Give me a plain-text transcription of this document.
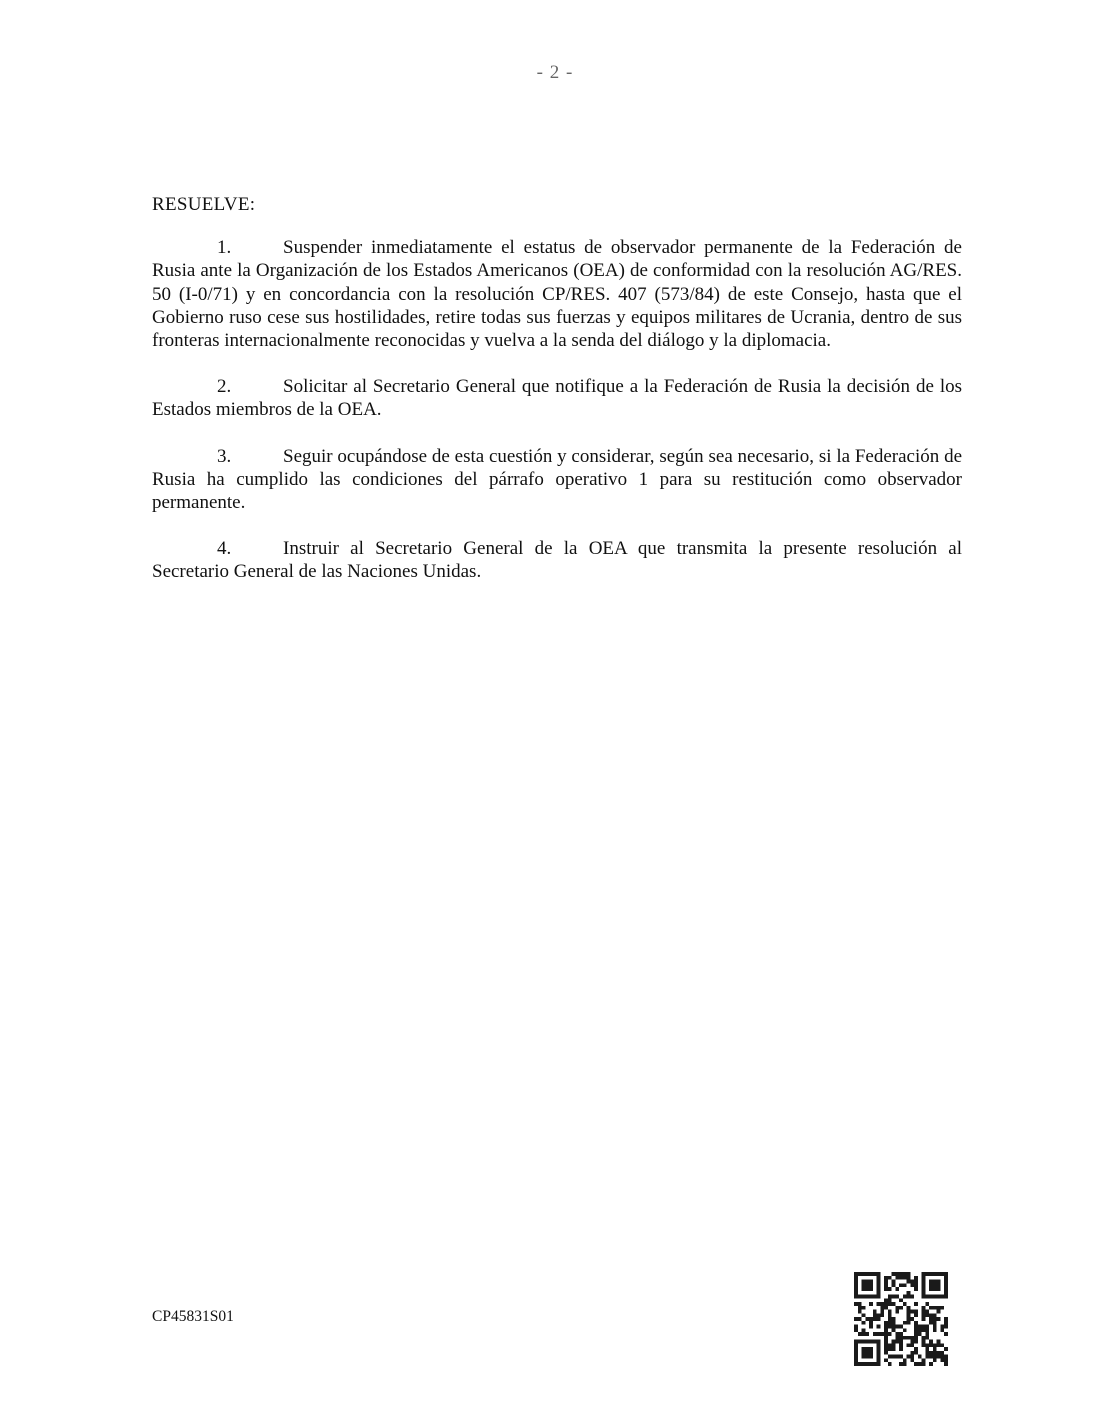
- 2 -
RESUELVE:

1.	Suspender inmediatamente el estatus de observador permanente de la Federación de Rusia ante la Organización de los Estados Americanos (OEA) de conformidad con la resolución AG/RES. 50 (I-0/71) y en concordancia con la resolución CP/RES. 407 (573/84) de este Consejo, hasta que el Gobierno ruso cese sus hostilidades, retire todas sus fuerzas y equipos militares de Ucrania, dentro de sus fronteras internacionalmente reconocidas y vuelva a la senda del diálogo y la diplomacia.

2.	Solicitar al Secretario General que notifique a la Federación de Rusia la decisión de los Estados miembros de la OEA.

3.	Seguir ocupándose de esta cuestión y considerar, según sea necesario, si la Federación de Rusia ha cumplido las condiciones del párrafo operativo 1 para su restitución como observador permanente.

4.	Instruir al Secretario General de la OEA que transmita la presente resolución al Secretario General de las Naciones Unidas.

CP45831S01
